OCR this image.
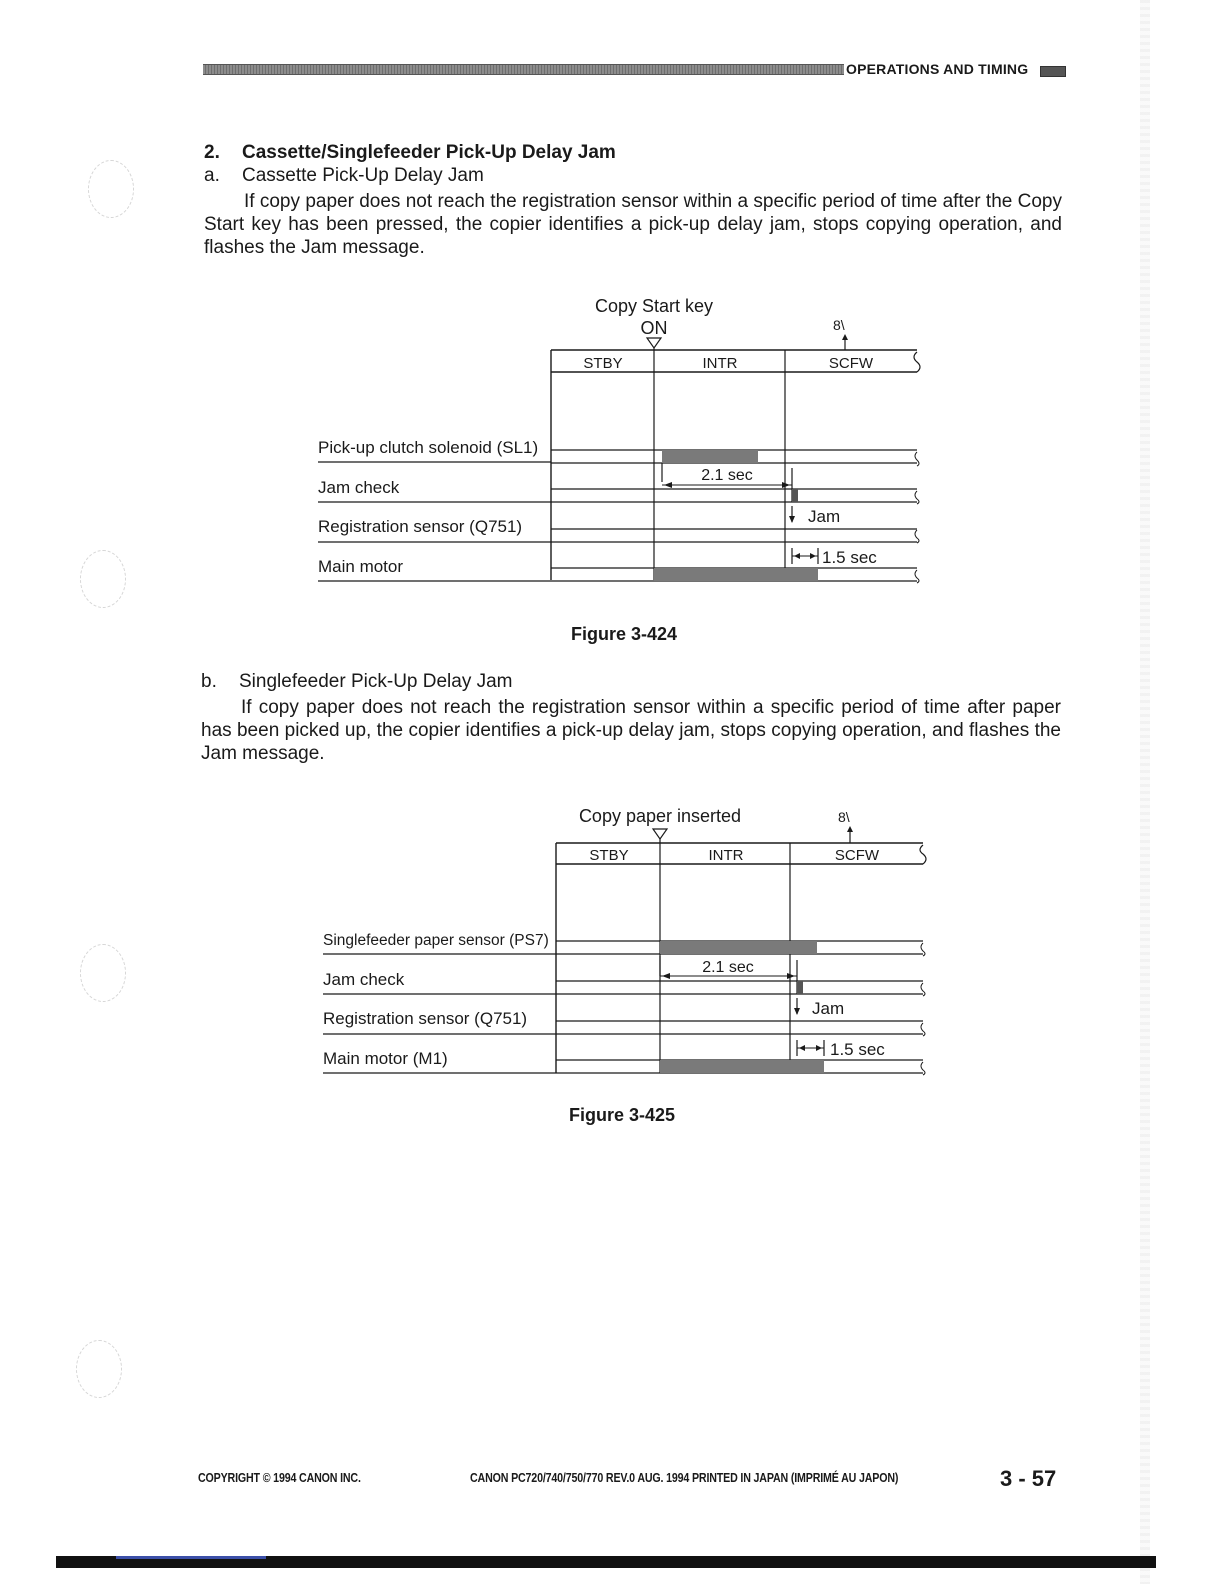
OPERATIONS AND TIMING
2. Cassette/Singlefeeder Pick-Up Delay Jam
a. Cassette Pick-Up Delay Jam
If copy paper does not reach the registration sensor within a specific period of time after the Copy Start key has been pressed, the copier identifies a pick-up delay jam, stops copying operation, and flashes the Jam message.
Copy Start key
ON	8\
STBY	INTR	SCFW
Pick-up clutch solenoid (SL1)
Jam check
Registration sensor (Q751)
Main motor
2.1 sec
Jam
1.5 sec
Figure 3-424
b. Singlefeeder Pick-Up Delay Jam
If copy paper does not reach the registration sensor within a specific period of time after paper has been picked up, the copier identifies a pick-up delay jam, stops copying operation, and flashes the Jam message.
Copy paper inserted	8\
STBY	INTR	SCFW
Singlefeeder paper sensor (PS7)
Jam check
Registration sensor (Q751)
Main motor (M1)
2.1 sec
Jam
1.5 sec
Figure 3-425
COPYRIGHT © 1994 CANON INC.	CANON PC720/740/750/770 REV.0 AUG. 1994 PRINTED IN JAPAN (IMPRIMÉ AU JAPON)	3 - 57
